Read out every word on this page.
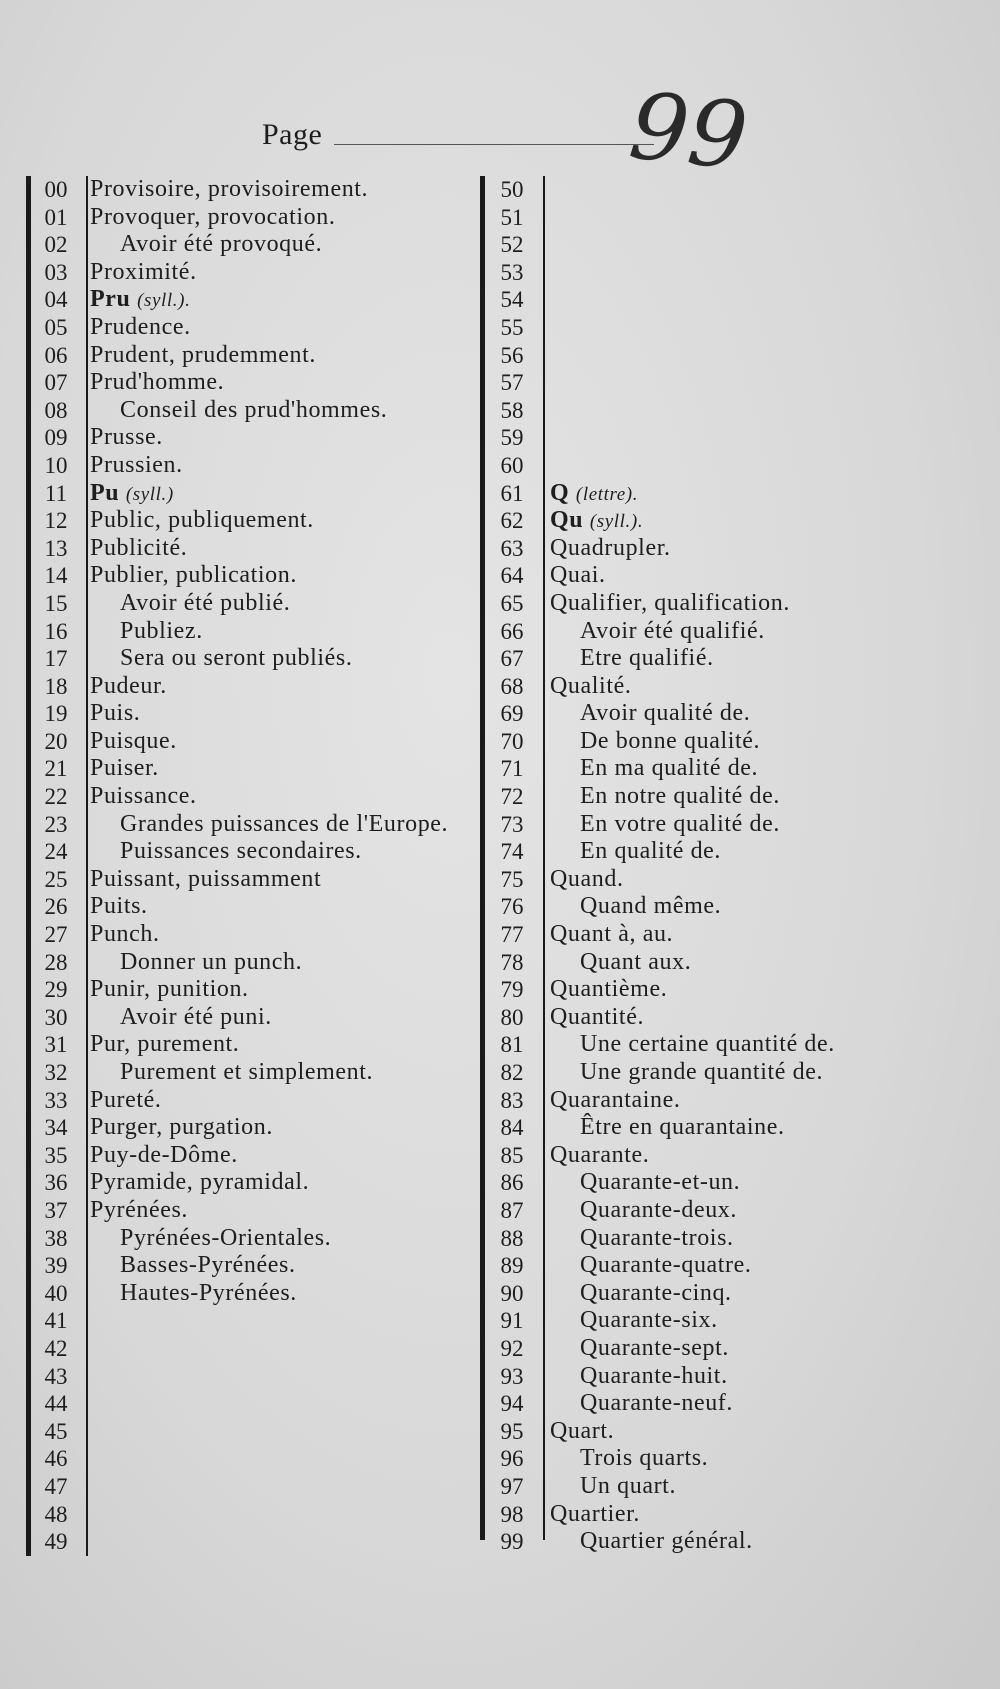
Page	99
00 Provisoire, provisoirement.
01 Provoquer, provocation.
02	Avoir été provoqué.
03 Proximité.
04 Pru (syll.).
05 Prudence.
06 Prudent, prudemment.
07 Prud'homme.
08	Conseil des prud'hommes.
09 Prusse.
10 Prussien.
11 Pu (syll.)
12 Public, publiquement.
13 Publicité.
14 Publier, publication.
15	Avoir été publié.
16	Publiez.
17	Sera ou seront publiés.
18 Pudeur.
19 Puis.
20 Puisque.
21 Puiser.
22 Puissance.
23	Grandes puissances de l'Europe.
24	Puissances secondaires.
25 Puissant, puissamment
26 Puits.
27 Punch.
28	Donner un punch.
29 Punir, punition.
30	Avoir été puni.
31 Pur, purement.
32	Purement et simplement.
33 Pureté.
34 Purger, purgation.
35 Puy-de-Dôme.
36 Pyramide, pyramidal.
37 Pyrénées.
38	Pyrénées-Orientales.
39	Basses-Pyrénées.
40	Hautes-Pyrénées.
41
42
43
44
45
46
47
48
49
50
51
52
53
54
55
56
57
58
59
60
61	Q (lettre).
62	Qu (syll.).
63	Quadrupler.
64	Quai.
65	Qualifier, qualification.
66	Avoir été qualifié.
67	Etre qualifié.
68	Qualité.
69	Avoir qualité de.
70	De bonne qualité.
71	En ma qualité de.
72	En notre qualité de.
73	En votre qualité de.
74	En qualité de.
75	Quand.
76	Quand même.
77	Quant à, au.
78	Quant aux.
79	Quantième.
80	Quantité.
81	Une certaine quantité de.
82	Une grande quantité de.
83	Quarantaine.
84	Être en quarantaine.
85	Quarante.
86	Quarante-et-un.
87	Quarante-deux.
88	Quarante-trois.
89	Quarante-quatre.
90	Quarante-cinq.
91	Quarante-six.
92	Quarante-sept.
93	Quarante-huit.
94	Quarante-neuf.
95	Quart.
96	Trois quarts.
97	Un quart.
98	Quartier.
99	Quartier général.
